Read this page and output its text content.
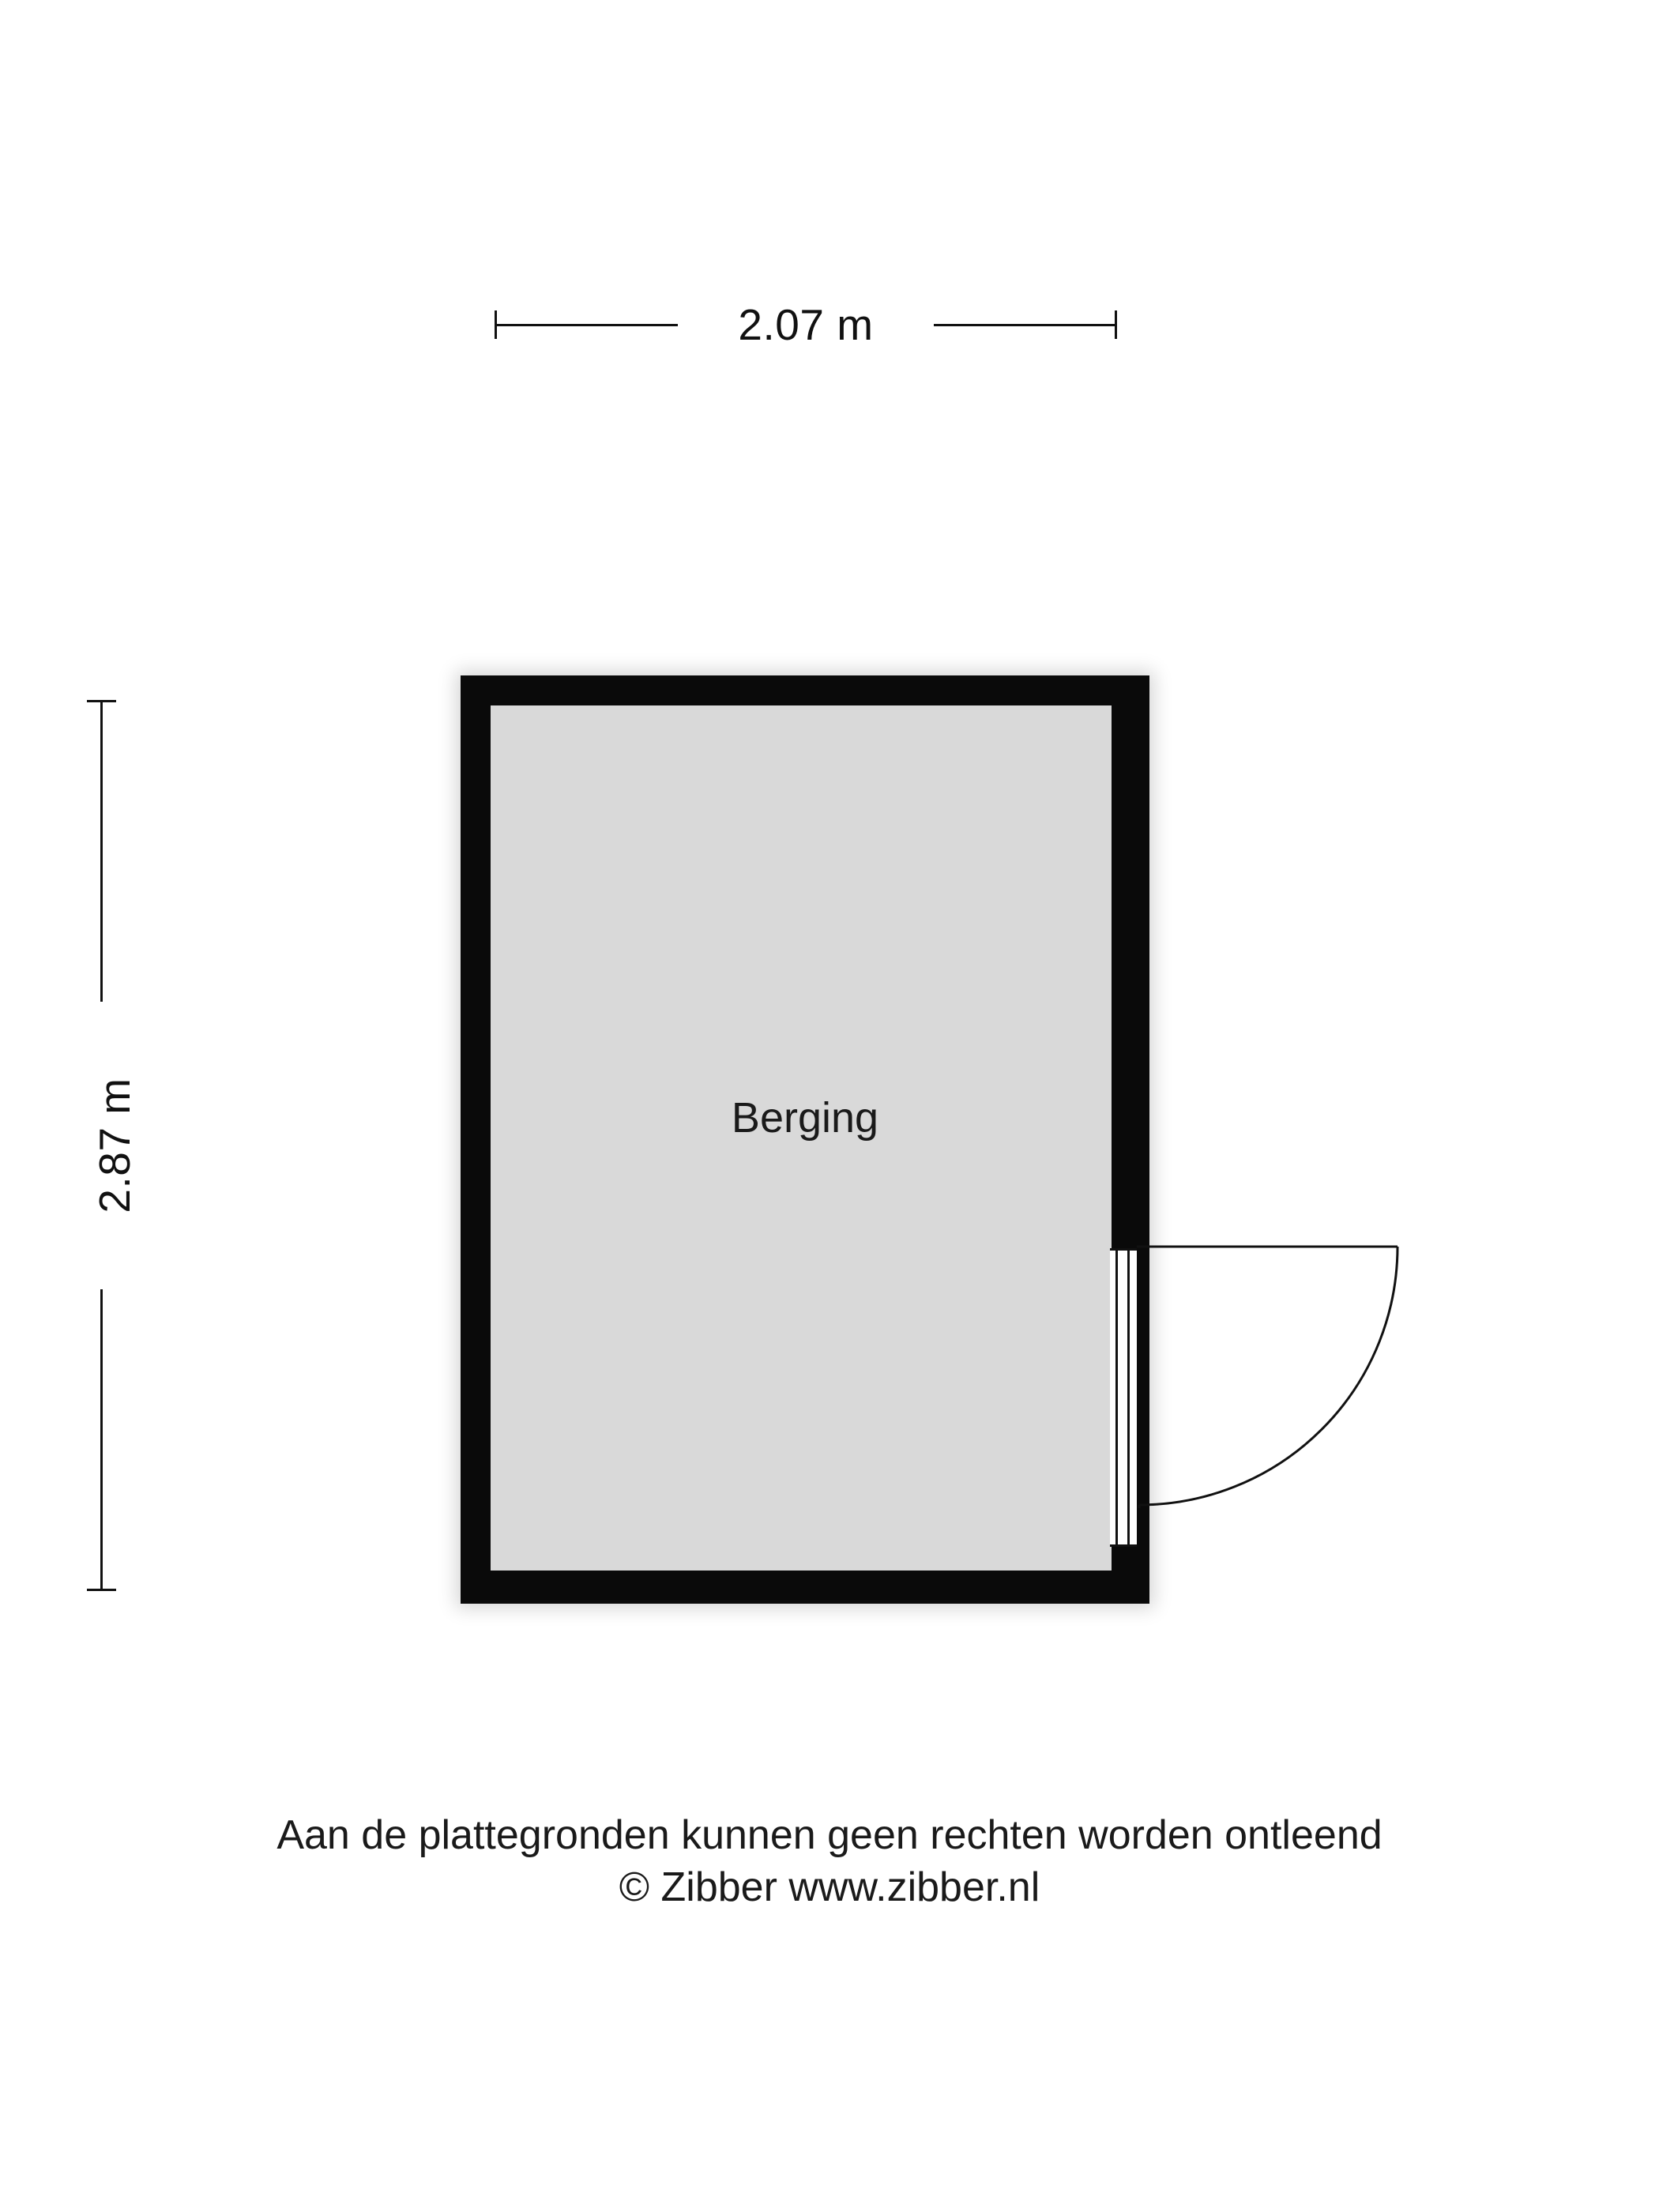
2.07 m
2.87 m	Berging
Aan de plattegronden kunnen geen rechten worden ontleend
© Zibber www.zibber.nl
